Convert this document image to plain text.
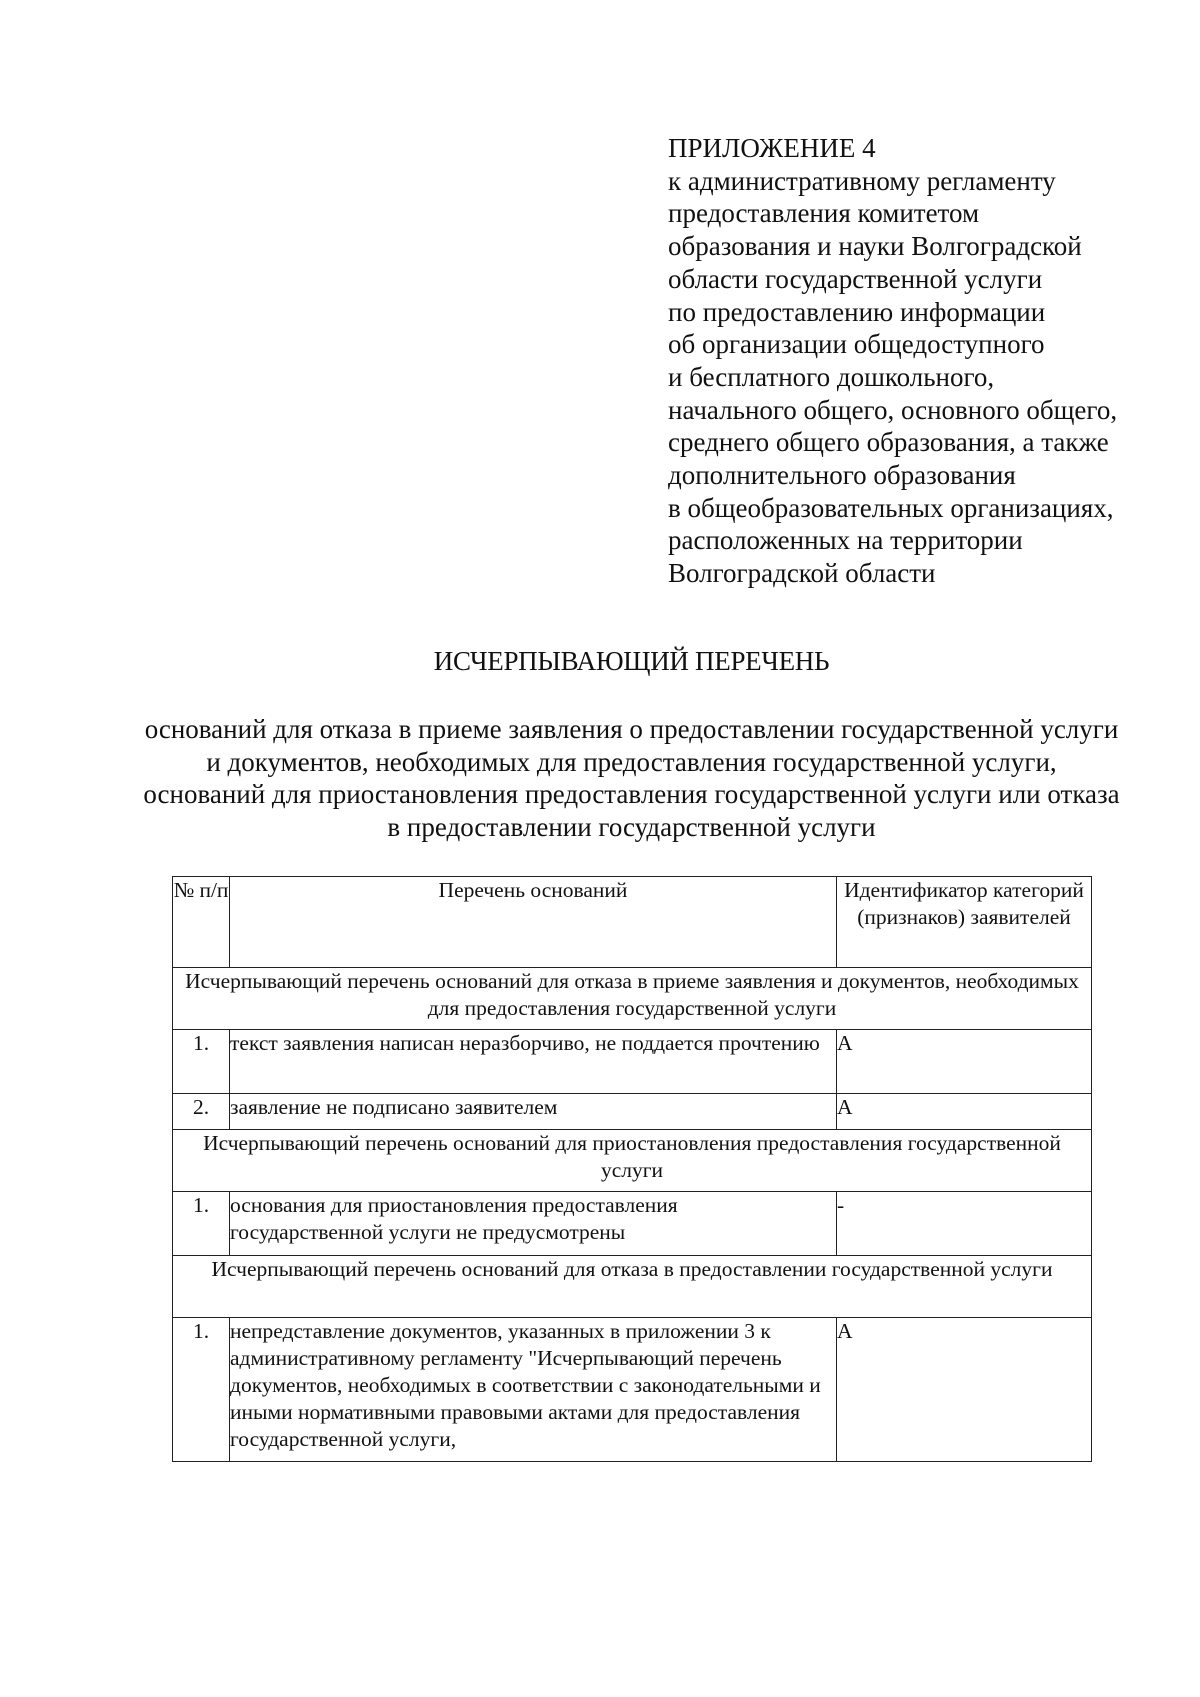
ПРИЛОЖЕНИЕ 4
к административному регламенту
предоставления комитетом
образования и науки Волгоградской
области государственной услуги
по предоставлению информации
об организации общедоступного
и бесплатного дошкольного,
начального общего, основного общего,
среднего общего образования, а также
дополнительного образования
в общеобразовательных организациях,
расположенных на территории
Волгоградской области
ИСЧЕРПЫВАЮЩИЙ ПЕРЕЧЕНЬ
оснований для отказа в приеме заявления о предоставлении государственной услуги
и документов, необходимых для предоставления государственной услуги,
оснований для приостановления предоставления государственной услуги или отказа
в предоставлении государственной услуги
№ п/п	Перечень оснований	Идентификатор категорий (признаков) заявителей
Исчерпывающий перечень оснований для отказа в приеме заявления и документов, необходимых для предоставления государственной услуги		
1.	текст заявления написан неразборчиво, не поддается прочтению	А
2.	заявление не подписано заявителем	А
Исчерпывающий перечень оснований для приостановления предоставления государственной услуги		
1.	основания для приостановления предоставления государственной услуги не предусмотрены	-
Исчерпывающий перечень оснований для отказа в предоставлении государственной услуги		
1.	непредставление документов, указанных в приложении 3 к административному регламенту "Исчерпывающий перечень документов, необходимых в соответствии с законодательными и иными нормативными правовыми актами для предоставления государственной услуги,	А
